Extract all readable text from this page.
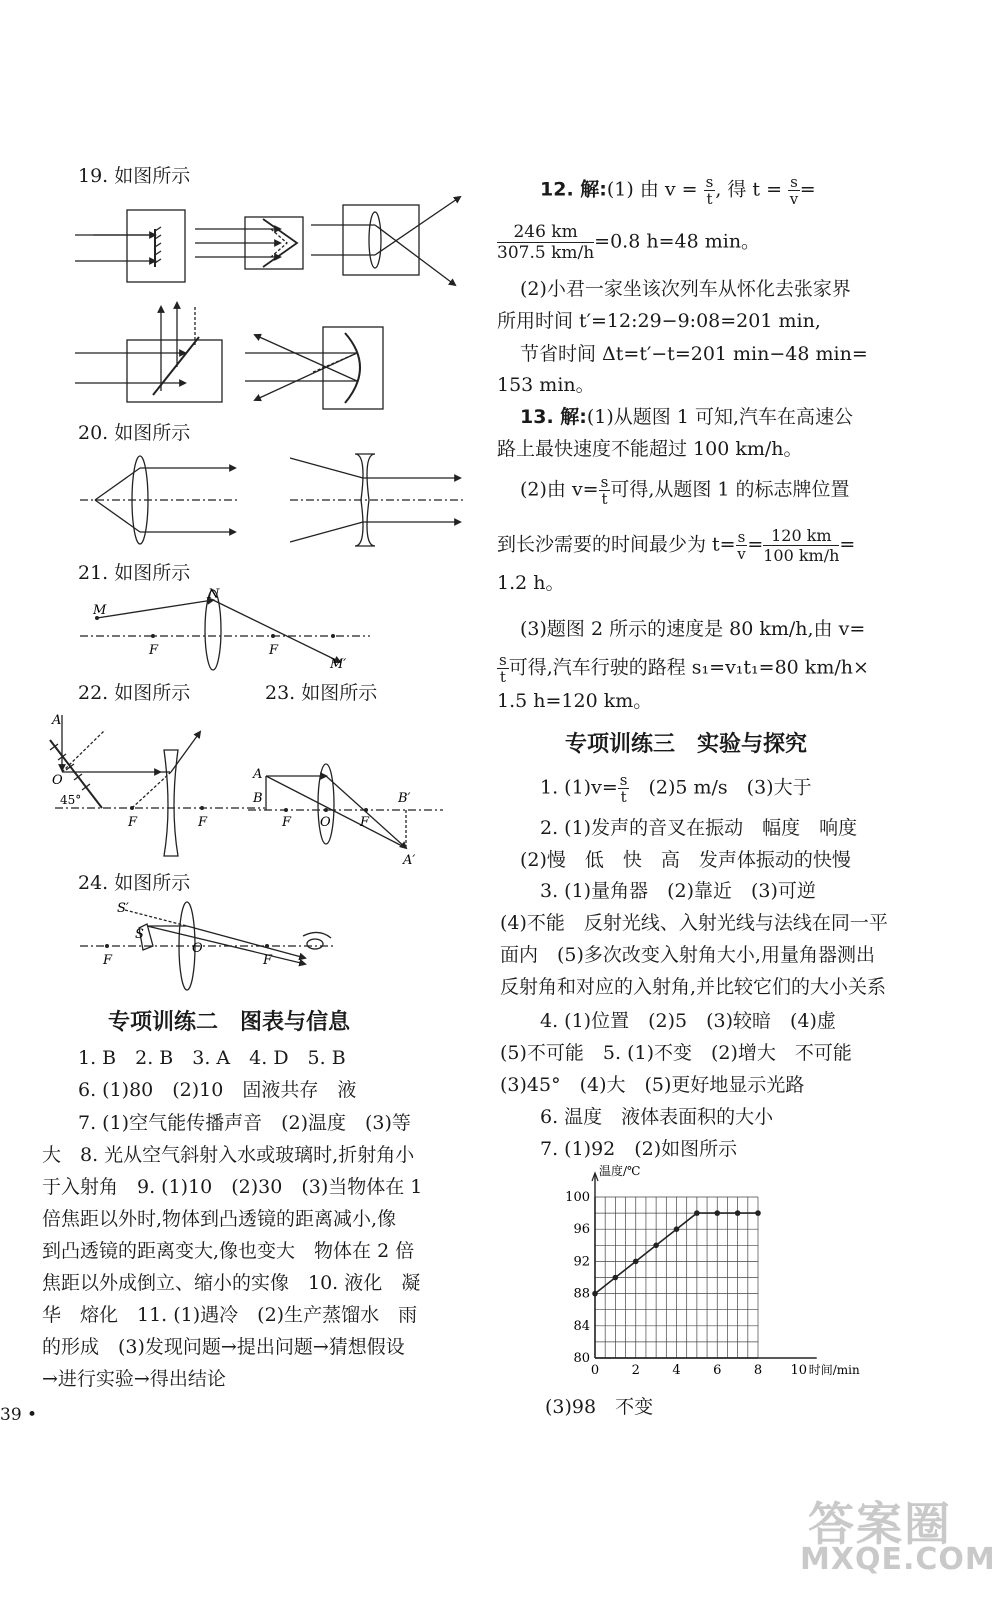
19. 如图所示
20. 如图所示
21. 如图所示
M
N
F	F
M′
22. 如图所示	23. 如图所示
A
O
45°
F	F
A
B
F O F
B′
A′
24. 如图所示
S′
S
O
F	F
专项训练二　图表与信息
1. B　2. B　3. A　4. D　5. B
6. (1)80　(2)10　固液共存　液
7. (1)空气能传播声音　(2)温度　(3)等
大　8. 光从空气斜射入水或玻璃时,折射角小
于入射角　9. (1)10　(2)30　(3)当物体在 1
倍焦距以外时,物体到凸透镜的距离减小,像
到凸透镜的距离变大,像也变大　物体在 2 倍
焦距以外成倒立、缩小的实像　10. 液化　凝
华　熔化　11. (1)遇冷　(2)生产蒸馏水　雨
的形成　(3)发现问题→提出问题→猜想假设
→进行实验→得出结论
39 •
12. 解:(1) 由 $v = \frac{s}{t}$ , 得 $t = \frac{s}{v}$ =
$\frac{246 km}{307.5 km/h} =0.8$ h=48 min。
(2)小君一家坐该次列车从怀化去张家界
所用时间 t′=12:29−9:08=201 min,
节省时间 Δt=t′−t=201 min−48 min=
153 min。
13. 解:(1)从题图 1 可知,汽车在高速公
路上最快速度不能超过 100 km/h。
(2)由 $v= \frac{s}{t}$ 可得,从题图 1 的标志牌位置
到长沙需要的时间最少为 $t= \frac{s}{v} = \frac{120 km}{100 km/h}$ =
1.2 h。
(3)题图 2 所示的速度是 80 km/h,由 v=
$\frac{s}{t}$ 可得,汽车行驶的路程 s₁=v₁t₁=80 km/h×
1.5 h=120 km。
专项训练三　实验与探究
1. $(1)v= \frac{s}{t}$ 　(2)5 m/s　(3)大于
2. (1)发声的音叉在振动　幅度　响度
(2)慢　低　快　高　发声体振动的快慢
3. (1)量角器　(2)靠近　(3)可逆
(4)不能　反射光线、入射光线与法线在同一平
面内　(5)多次改变入射角大小,用量角器测出
反射角和对应的入射角,并比较它们的大小关系
4. (1)位置　(2)5　(3)较暗　(4)虚
(5)不可能　5. (1)不变　(2)增大　不可能
(3)45°　(4)大　(5)更好地显示光路
6. 温度　液体表面积的大小
7. (1)92　(2)如图所示
0 2 4 6 8 10
80
84
88
92
96
100
温度/℃
时间/min
(3)98　不变
答案圈
MXQE.COM
